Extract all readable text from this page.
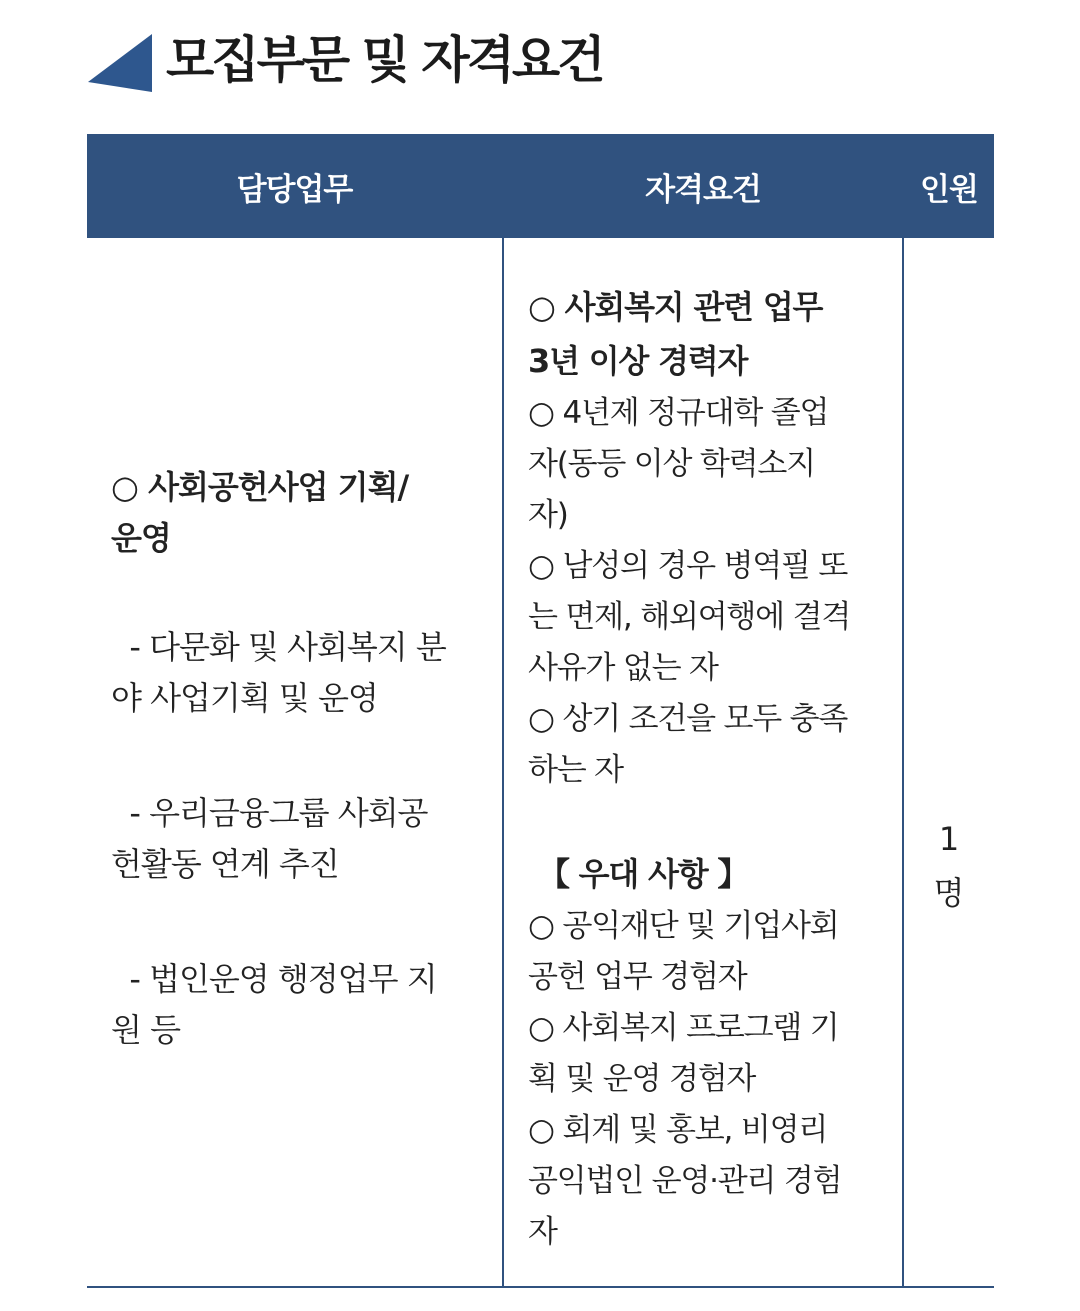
모집부문 및 자격요건
담당업무	자격요건	인원
○ 사회공헌사업 기획/
운영
- 다문화 및 사회복지 분
야 사업기획 및 운영
- 우리금융그룹 사회공
헌활동 연계 추진
- 법인운영 행정업무 지
원 등
○ 사회복지 관련 업무
3년 이상 경력자
○ 4년제 정규대학 졸업
자(동등 이상 학력소지
자)
○ 남성의 경우 병역필 또
는 면제, 해외여행에 결격
사유가 없는 자
○ 상기 조건을 모두 충족
하는 자
【 우대 사항 】
○ 공익재단 및 기업사회
공헌 업무 경험자
○ 사회복지 프로그램 기
획 및 운영 경험자
○ 회계 및 홍보, 비영리
공익법인 운영·관리 경험
자
1
명
